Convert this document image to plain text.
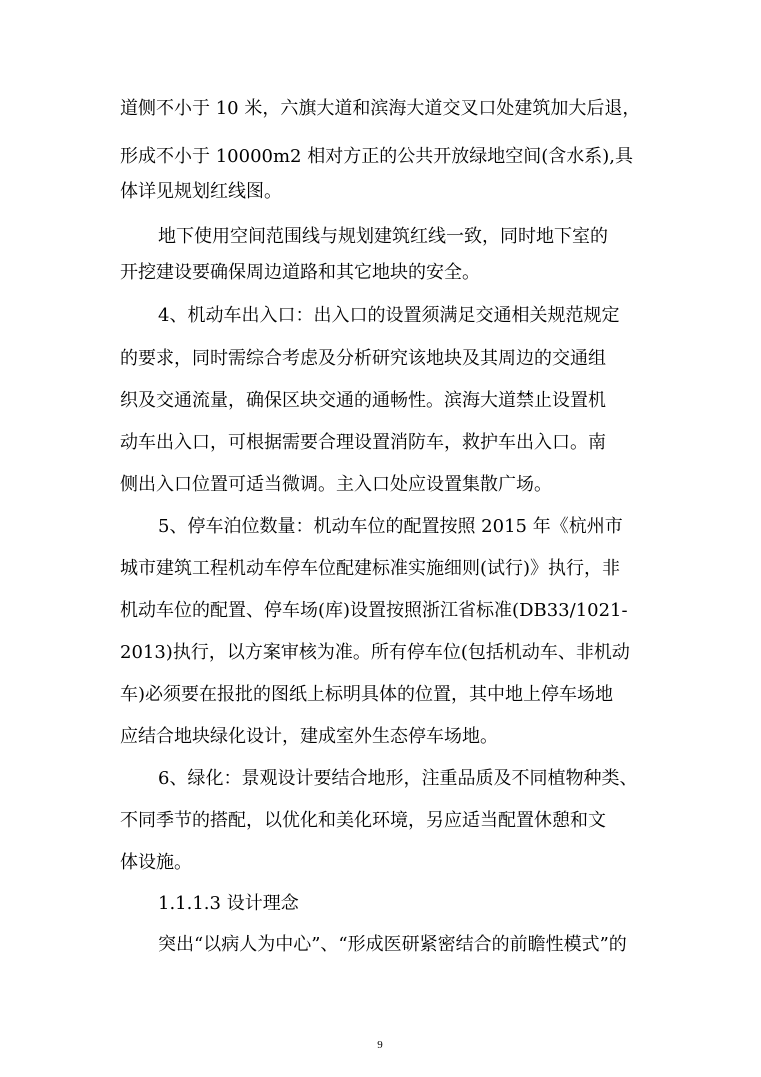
道侧不小于 10 米，六旗大道和滨海大道交叉口处建筑加大后退，
形成不小于 10000m2 相对方正的公共开放绿地空间(含水系),具
体详见规划红线图。
地下使用空间范围线与规划建筑红线一致，同时地下室的
开挖建设要确保周边道路和其它地块的安全。
4、机动车出入口：出入口的设置须满足交通相关规范规定
的要求，同时需综合考虑及分析研究该地块及其周边的交通组
织及交通流量，确保区块交通的通畅性。滨海大道禁止设置机
动车出入口，可根据需要合理设置消防车，救护车出入口。南
侧出入口位置可适当微调。主入口处应设置集散广场。
5、停车泊位数量：机动车位的配置按照 2015 年《杭州市
城市建筑工程机动车停车位配建标准实施细则(试行)》执行，非
机动车位的配置、停车场(库)设置按照浙江省标准(DB33/1021-
2013)执行，以方案审核为准。所有停车位(包括机动车、非机动
车)必须要在报批的图纸上标明具体的位置，其中地上停车场地
应结合地块绿化设计，建成室外生态停车场地。
6、绿化：景观设计要结合地形，注重品质及不同植物种类、
不同季节的搭配，以优化和美化环境，另应适当配置休憩和文
体设施。
1.1.1.3 设计理念
突出“以病人为中心”、“形成医研紧密结合的前瞻性模式”的
9
